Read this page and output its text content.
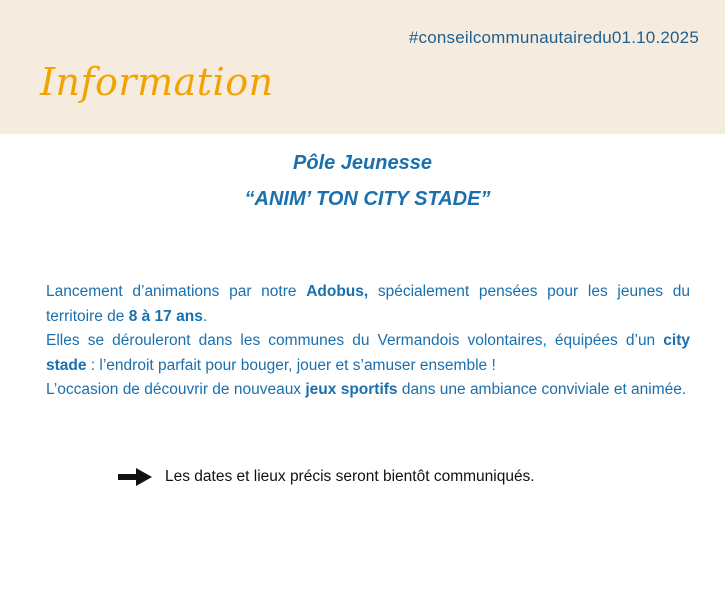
#conseilcommunautairedu01.10.2025
Information
Pôle Jeunesse
“ANIM’ TON CITY STADE”

Lancement d’animations par notre Adobus, spécialement pensées pour les jeunes du territoire de 8 à 17 ans.

Elles se dérouleront dans les communes du Vermandois volontaires, équipées d’un city stade : l’endroit parfait pour bouger, jouer et s’amuser ensemble !

L’occasion de découvrir de nouveaux jeux sportifs dans une ambiance conviviale et animée.

Les dates et lieux précis seront bientôt communiqués.
